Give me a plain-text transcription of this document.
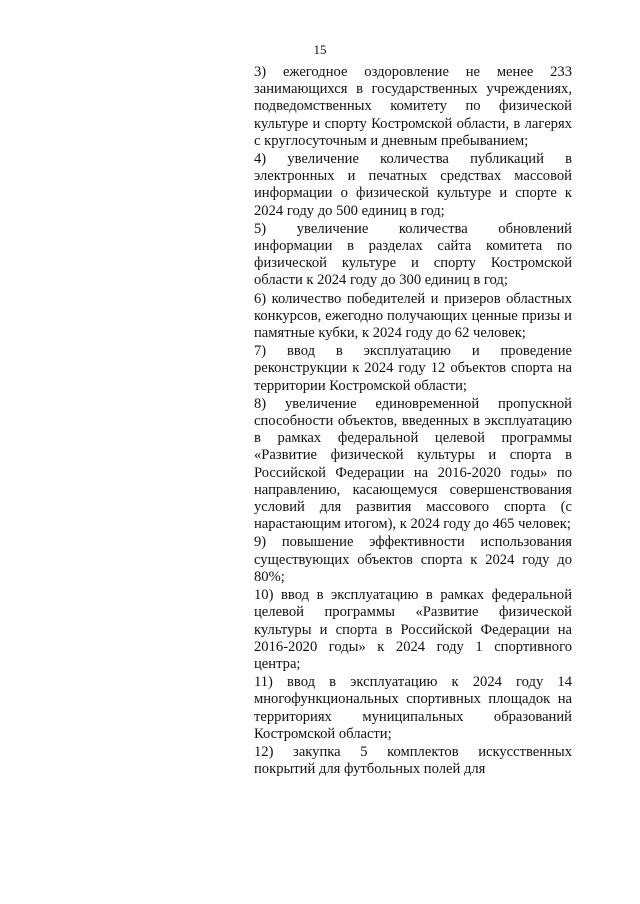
15

3) ежегодное оздоровление не менее 233 занимающихся в государственных учреждениях, подведомственных комитету по физической культуре и спорту Костромской области, в лагерях с круглосуточным и дневным пребыванием;

4) увеличение количества публикаций в электронных и печатных средствах массовой информации о физической культуре и спорте к 2024 году до 500 единиц в год;

5) увеличение количества обновлений информации в разделах сайта комитета по физической культуре и спорту Костромской области к 2024 году до 300 единиц в год;

6) количество победителей и призеров областных конкурсов, ежегодно получающих ценные призы и памятные кубки, к 2024 году до 62 человек;

7) ввод в эксплуатацию и проведение реконструкции к 2024 году 12 объектов спорта на территории Костромской области;

8) увеличение единовременной пропускной способности объектов, введенных в эксплуатацию в рамках федеральной целевой программы «Развитие физической культуры и спорта в Российской Федерации на 2016-2020 годы» по направлению, касающемуся совершенствования условий для развития массового спорта (с нарастающим итогом), к 2024 году до 465 человек;

9) повышение эффективности использования существующих объектов спорта к 2024 году до 80%;

10) ввод в эксплуатацию в рамках федеральной целевой программы «Развитие физической культуры и спорта в Российской Федерации на 2016-2020 годы» к 2024 году 1 спортивного центра;

11) ввод в эксплуатацию к 2024 году 14 многофункциональных спортивных площадок на территориях муниципальных образований Костромской области;

12) закупка 5 комплектов искусственных покрытий для футбольных полей для
